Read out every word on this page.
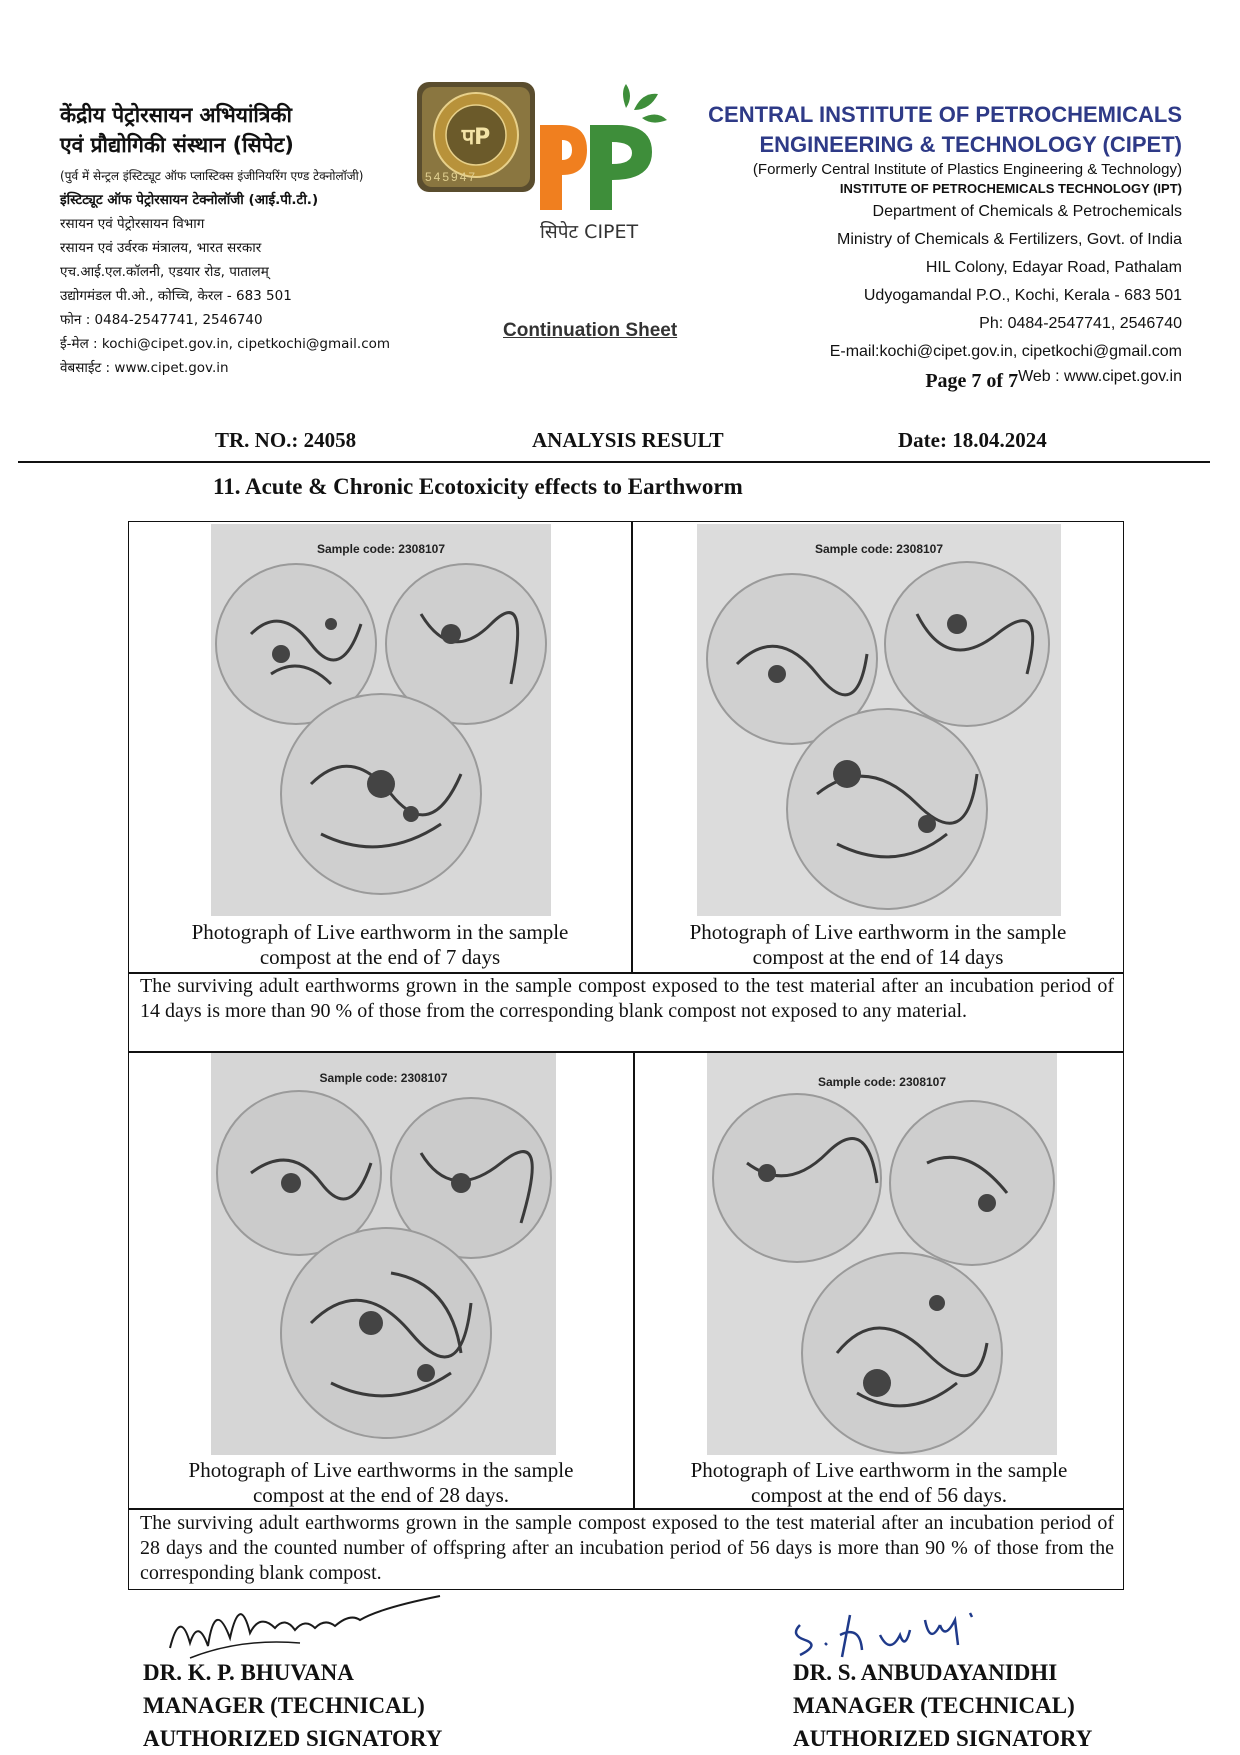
केंद्रीय पेट्रोरसायन अभियांत्रिकी
एवं प्रौद्योगिकी संस्थान (सिपेट)
(पुर्व में सेन्ट्रल इंस्टिट्यूट ऑफ प्लास्टिक्स इंजीनियरिंग एण्ड टेक्नोलॉजी)
इंस्टिट्यूट ऑफ पेट्रोरसायन टेक्नोलॉजी (आई.पी.टी.)
रसायन एवं पेट्रोरसायन विभाग
रसायन एवं उर्वरक मंत्रालय, भारत सरकार
एच.आई.एल.कॉलनी, एडयार रोड, पातालम्
उद्योगमंडल पी.ओ., कोच्चि, केरल - 683 501
फोन : 0484-2547741, 2546740
ई-मेल : kochi@cipet.gov.in, cipetkochi@gmail.com
वेबसाईट : www.cipet.gov.in
पP
545947
सिपेट CIPET
Continuation Sheet
CENTRAL INSTITUTE OF PETROCHEMICALS
ENGINEERING & TECHNOLOGY (CIPET)
(Formerly Central Institute of Plastics Engineering & Technology)
INSTITUTE OF PETROCHEMICALS TECHNOLOGY (IPT)
Department of Chemicals & Petrochemicals
Ministry of Chemicals & Fertilizers, Govt. of India
HIL Colony, Edayar Road, Pathalam
Udyogamandal P.O., Kochi, Kerala - 683 501
Ph: 0484-2547741, 2546740
E-mail:kochi@cipet.gov.in, cipetkochi@gmail.com
Page 7 of 7Web : www.cipet.gov.in
TR. NO.: 24058	ANALYSIS RESULT	Date: 18.04.2024
11. Acute & Chronic Ecotoxicity effects to Earthworm
Sample code: 2308107
Photograph of Live earthworm in the sample
compost at the end of 7 days
Sample code: 2308107
Photograph of Live earthworm in the sample
compost at the end of 14 days
The surviving adult earthworms grown in the sample compost exposed to the test material after an incubation period of 14 days is more than 90 % of those from the corresponding blank compost not exposed to any material.
Sample code: 2308107
Photograph of Live earthworms in the sample
compost at the end of 28 days.
Sample code: 2308107
Photograph of Live earthworm in the sample
compost at the end of 56 days.
The surviving adult earthworms grown in the sample compost exposed to the test material after an incubation period of 28 days and the counted number of offspring after an incubation period of 56 days is more than 90 % of those from the corresponding blank compost.
DR. K. P. BHUVANA
MANAGER (TECHNICAL)
AUTHORIZED SIGNATORY
DR. S. ANBUDAYANIDHI
MANAGER (TECHNICAL)
AUTHORIZED SIGNATORY
